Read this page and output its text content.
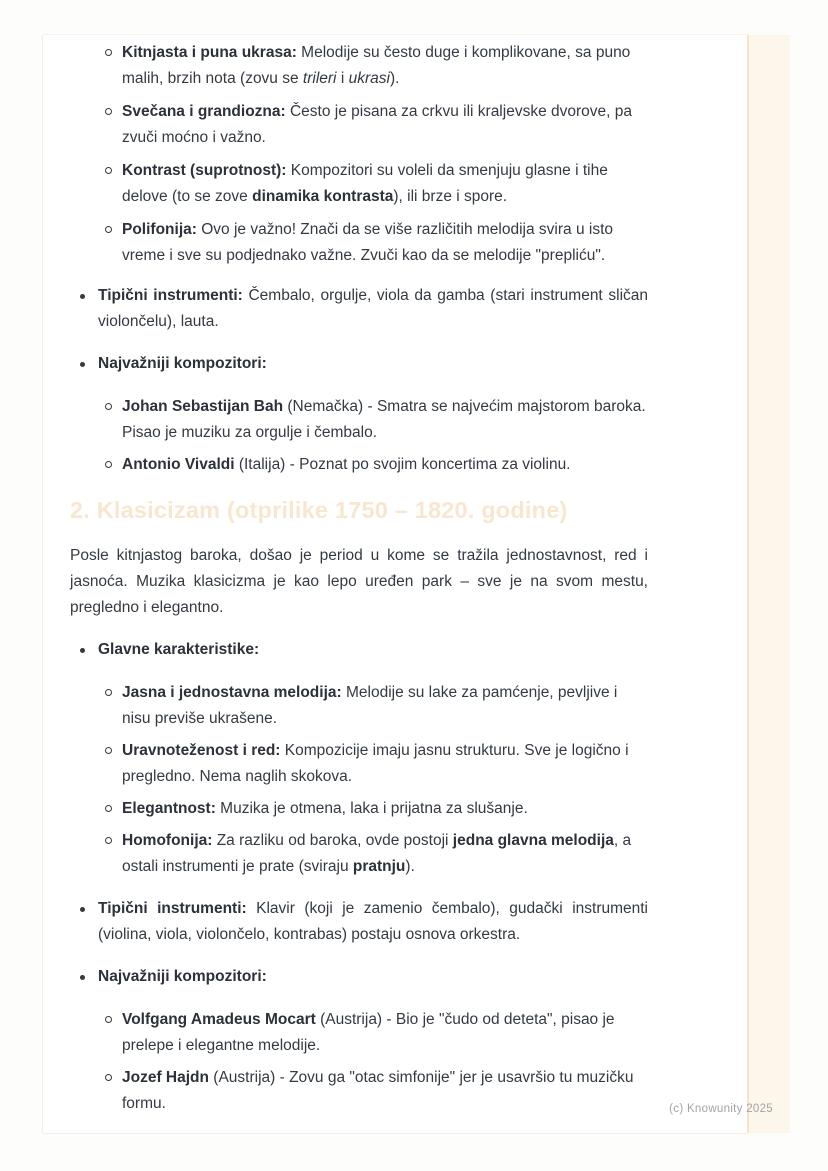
Kitnjasta i puna ukrasa: Melodije su često duge i komplikovane, sa puno malih, brzih nota (zovu se trileri i ukrasi).
Svečana i grandiozna: Često je pisana za crkvu ili kraljevske dvorove, pa zvuči moćno i važno.
Kontrast (suprotnost): Kompozitori su voleli da smenjuju glasne i tihe delove (to se zove dinamika kontrasta), ili brze i spore.
Polifonija: Ovo je važno! Znači da se više različitih melodija svira u isto vreme i sve su podjednako važne. Zvuči kao da se melodije "prepliću".
Tipični instrumenti: Čembalo, orgulje, viola da gamba (stari instrument sličan violončelu), lauta.
Najvažniji kompozitori:
Johan Sebastijan Bah (Nemačka) - Smatra se najvećim majstorom baroka. Pisao je muziku za orgulje i čembalo.
Antonio Vivaldi (Italija) - Poznat po svojim koncertima za violinu.
2. Klasicizam (otprilike 1750 – 1820. godine)

Posle kitnjastog baroka, došao je period u kome se tražila jednostavnost, red i jasnoća. Muzika klasicizma je kao lepo uređen park – sve je na svom mestu, pregledno i elegantno.

Glavne karakteristike:
Jasna i jednostavna melodija: Melodije su lake za pamćenje, pevljive i nisu previše ukrašene.
Uravnoteženost i red: Kompozicije imaju jasnu strukturu. Sve je logično i pregledno. Nema naglih skokova.
Elegantnost: Muzika je otmena, laka i prijatna za slušanje.
Homofonija: Za razliku od baroka, ovde postoji jedna glavna melodija, a ostali instrumenti je prate (sviraju pratnju).
Tipični instrumenti: Klavir (koji je zamenio čembalo), gudački instrumenti (violina, viola, violončelo, kontrabas) postaju osnova orkestra.
Najvažniji kompozitori:
Volfgang Amadeus Mocart (Austrija) - Bio je "čudo od deteta", pisao je prelepe i elegantne melodije.
Jozef Hajdn (Austrija) - Zovu ga "otac simfonije" jer je usavršio tu muzičku formu.	(c) Knowunity 2025
